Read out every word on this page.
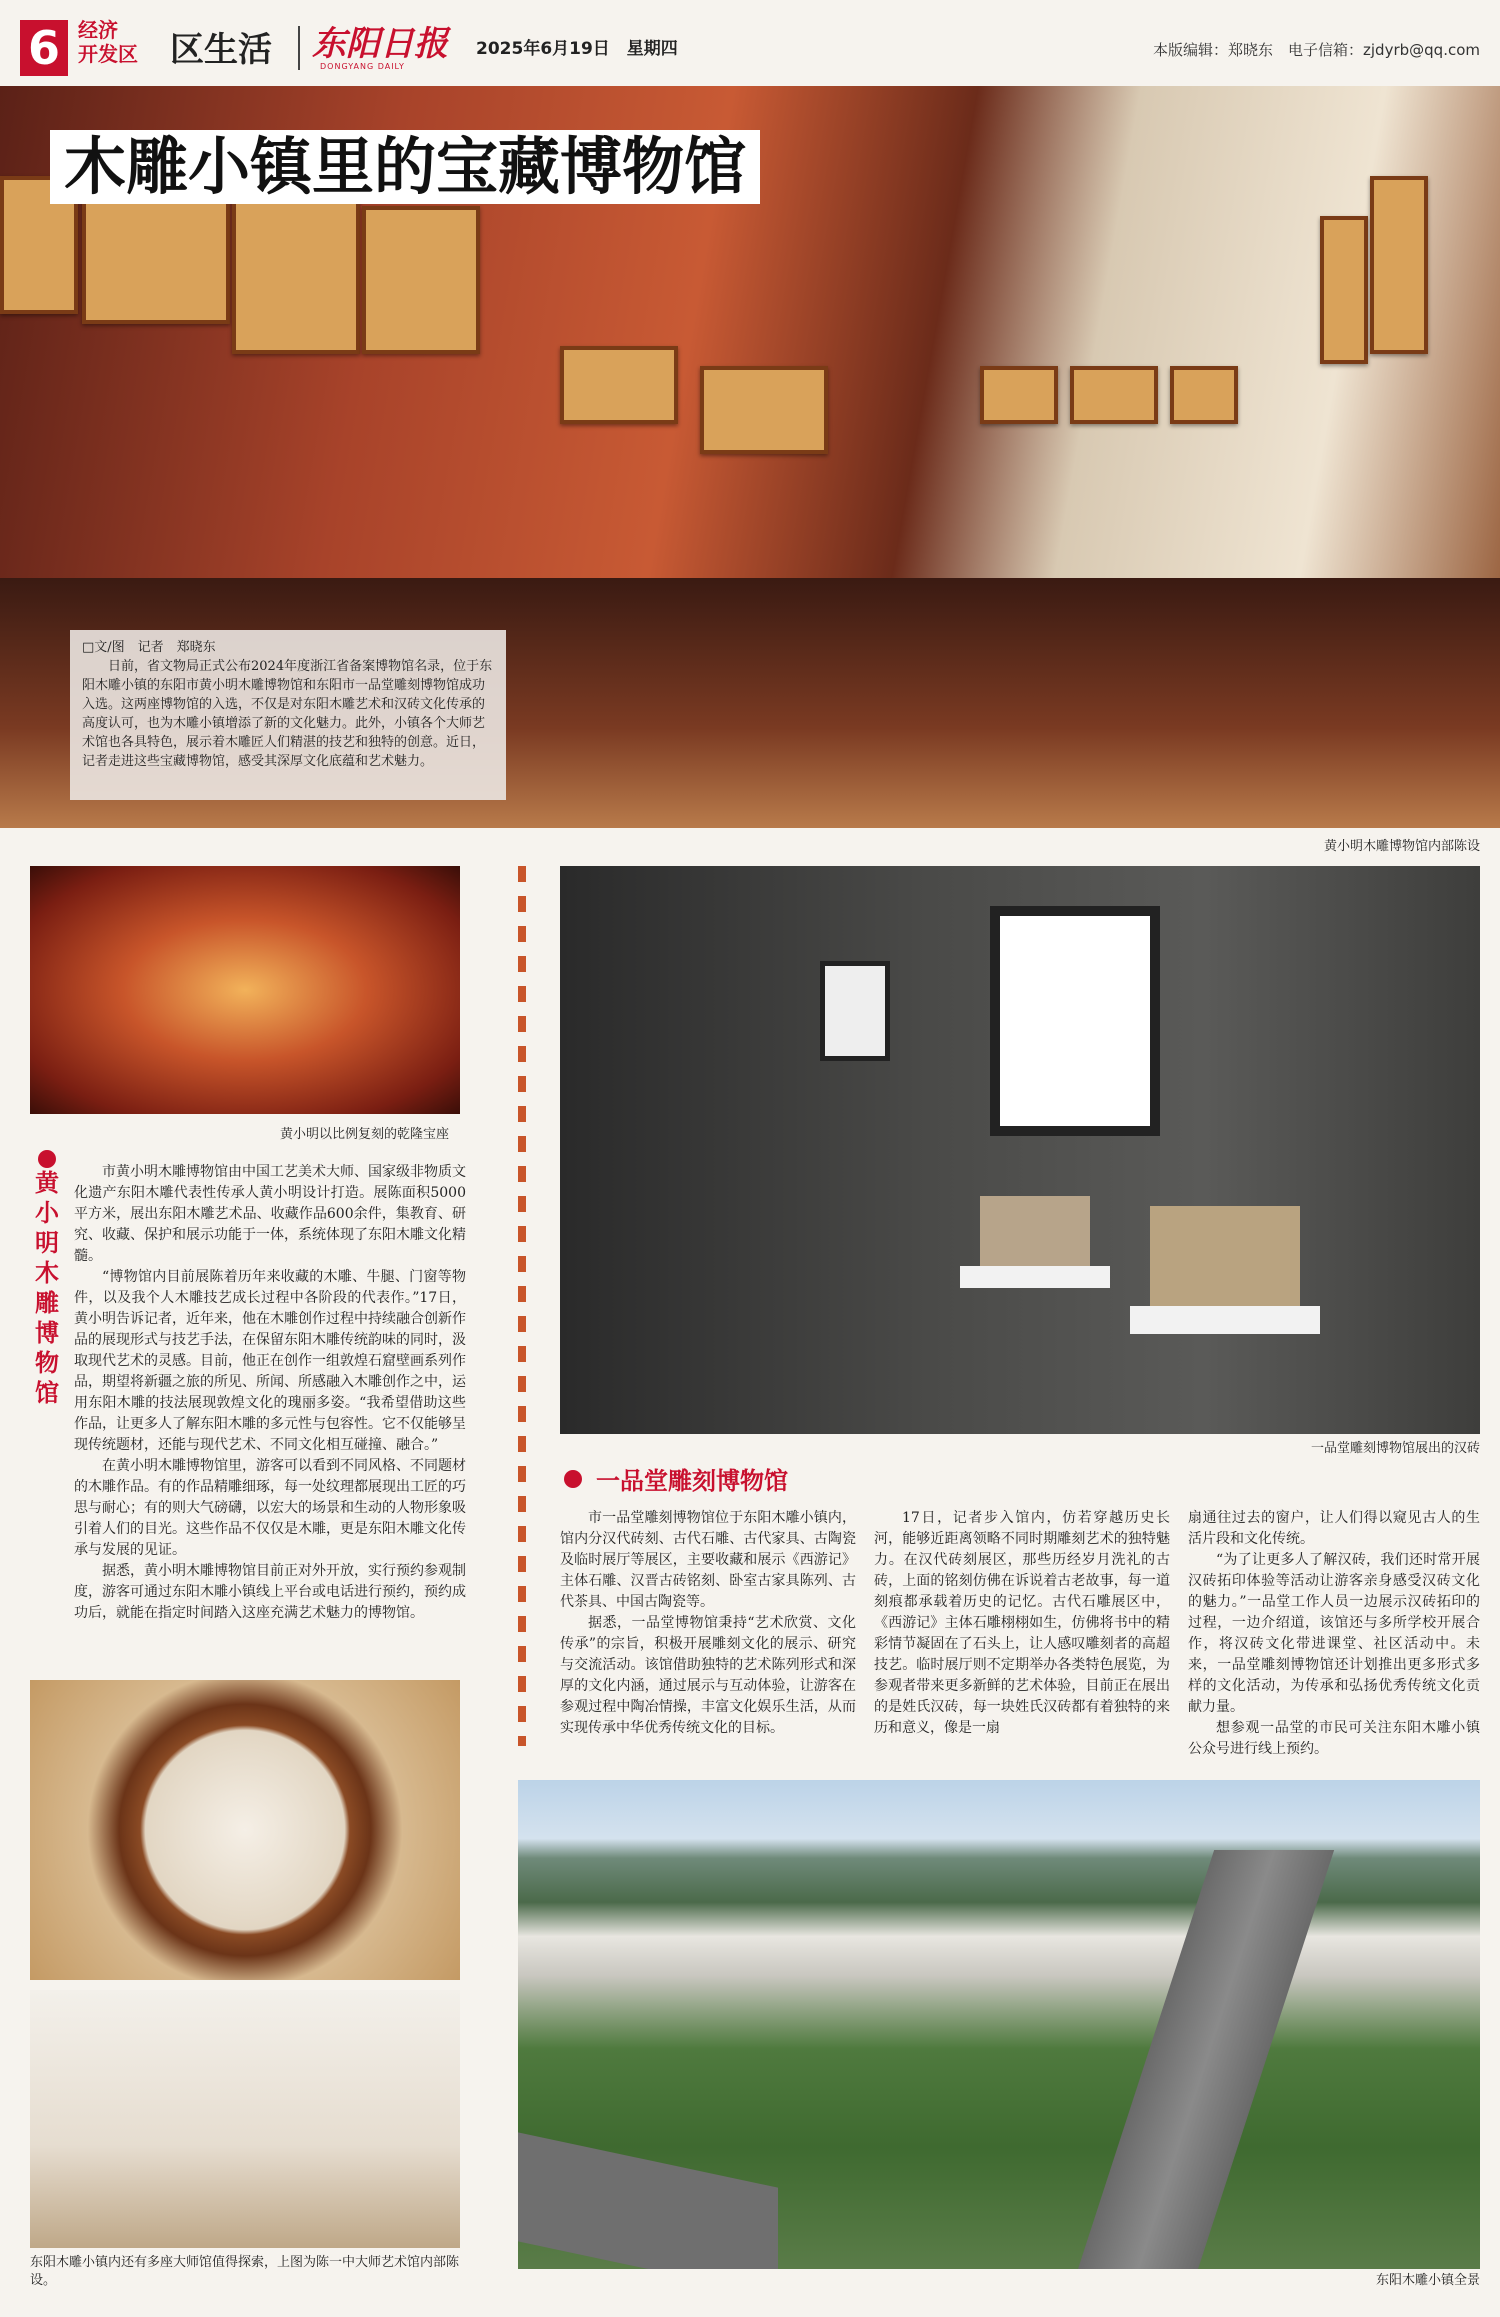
6 经济
开发区 区生活 东阳日报
DONGYANG DAILY
2025年6月19日　星期四	本版编辑：郑晓东　电子信箱：zjdyrb@qq.com
木雕小镇里的宝藏博物馆

□文/图　记者　郑晓东

日前，省文物局正式公布2024年度浙江省备案博物馆名录，位于东阳木雕小镇的东阳市黄小明木雕博物馆和东阳市一品堂雕刻博物馆成功入选。这两座博物馆的入选，不仅是对东阳木雕艺术和汉砖文化传承的高度认可，也为木雕小镇增添了新的文化魅力。此外，小镇各个大师艺术馆也各具特色，展示着木雕匠人们精湛的技艺和独特的创意。近日，记者走进这些宝藏博物馆，感受其深厚文化底蕴和艺术魅力。

黄小明木雕博物馆内部陈设
黄小明以比例复刻的乾隆宝座
黄小明木雕博物馆

市黄小明木雕博物馆由中国工艺美术大师、国家级非物质文化遗产东阳木雕代表性传承人黄小明设计打造。展陈面积5000平方米，展出东阳木雕艺术品、收藏作品600余件，集教育、研究、收藏、保护和展示功能于一体，系统体现了东阳木雕文化精髓。

“博物馆内目前展陈着历年来收藏的木雕、牛腿、门窗等物件，以及我个人木雕技艺成长过程中各阶段的代表作。”17日，黄小明告诉记者，近年来，他在木雕创作过程中持续融合创新作品的展现形式与技艺手法，在保留东阳木雕传统韵味的同时，汲取现代艺术的灵感。目前，他正在创作一组敦煌石窟壁画系列作品，期望将新疆之旅的所见、所闻、所感融入木雕创作之中，运用东阳木雕的技法展现敦煌文化的瑰丽多姿。“我希望借助这些作品，让更多人了解东阳木雕的多元性与包容性。它不仅能够呈现传统题材，还能与现代艺术、不同文化相互碰撞、融合。”

在黄小明木雕博物馆里，游客可以看到不同风格、不同题材的木雕作品。有的作品精雕细琢，每一处纹理都展现出工匠的巧思与耐心；有的则大气磅礴，以宏大的场景和生动的人物形象吸引着人们的目光。这些作品不仅仅是木雕，更是东阳木雕文化传承与发展的见证。

据悉，黄小明木雕博物馆目前正对外开放，实行预约参观制度，游客可通过东阳木雕小镇线上平台或电话进行预约，预约成功后，就能在指定时间踏入这座充满艺术魅力的博物馆。

东阳木雕小镇内还有多座大师馆值得探索，上图为陈一中大师艺术馆内部陈设。
一品堂雕刻博物馆展出的汉砖
一品堂雕刻博物馆

市一品堂雕刻博物馆位于东阳木雕小镇内，馆内分汉代砖刻、古代石雕、古代家具、古陶瓷及临时展厅等展区，主要收藏和展示《西游记》主体石雕、汉晋古砖铭刻、卧室古家具陈列、古代茶具、中国古陶瓷等。

据悉，一品堂博物馆秉持“艺术欣赏、文化传承”的宗旨，积极开展雕刻文化的展示、研究与交流活动。该馆借助独特的艺术陈列形式和深厚的文化内涵，通过展示与互动体验，让游客在参观过程中陶冶情操，丰富文化娱乐生活，从而实现传承中华优秀传统文化的目标。

17日，记者步入馆内，仿若穿越历史长河，能够近距离领略不同时期雕刻艺术的独特魅力。在汉代砖刻展区，那些历经岁月洗礼的古砖，上面的铭刻仿佛在诉说着古老故事，每一道刻痕都承载着历史的记忆。古代石雕展区中，《西游记》主体石雕栩栩如生，仿佛将书中的精彩情节凝固在了石头上，让人感叹雕刻者的高超技艺。临时展厅则不定期举办各类特色展览，为参观者带来更多新鲜的艺术体验，目前正在展出的是姓氏汉砖，每一块姓氏汉砖都有着独特的来历和意义，像是一扇

扇通往过去的窗户，让人们得以窥见古人的生活片段和文化传统。

“为了让更多人了解汉砖，我们还时常开展汉砖拓印体验等活动让游客亲身感受汉砖文化的魅力。”一品堂工作人员一边展示汉砖拓印的过程，一边介绍道，该馆还与多所学校开展合作，将汉砖文化带进课堂、社区活动中。未来，一品堂雕刻博物馆还计划推出更多形式多样的文化活动，为传承和弘扬优秀传统文化贡献力量。

想参观一品堂的市民可关注东阳木雕小镇公众号进行线上预约。

东阳木雕小镇全景
